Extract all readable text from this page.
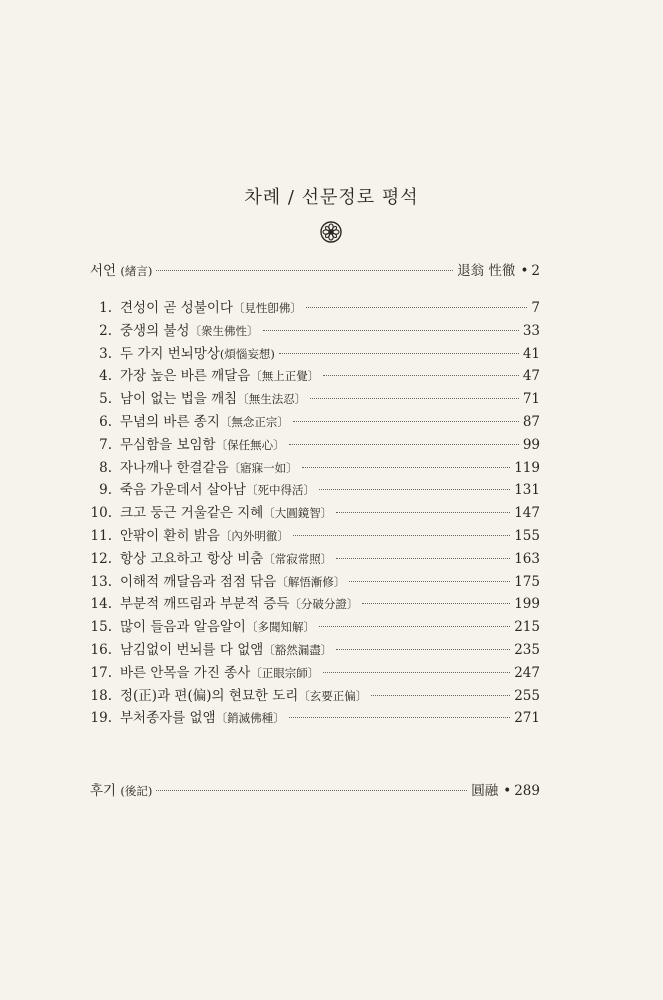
차례 / 선문정로 평석
서언 (緖言)	退翁 性徹 • 2
1. 견성이 곧 성불이다〔見性卽佛〕	7
2. 중생의 불성〔衆生佛性〕	33
3. 두 가지 번뇌망상(煩惱妄想)	41
4. 가장 높은 바른 깨달음〔無上正覺〕	47
5. 남이 없는 법을 깨침〔無生法忍〕	71
6. 무념의 바른 종지〔無念正宗〕	87
7. 무심함을 보임함〔保任無心〕	99
8. 자나깨나 한결같음〔寤寐一如〕	119
9. 죽음 가운데서 살아남〔死中得活〕	131
10. 크고 둥근 거울같은 지혜〔大圓鏡智〕	147
11. 안팎이 환히 밝음〔內外明徹〕	155
12. 항상 고요하고 항상 비춤〔常寂常照〕	163
13. 이해적 깨달음과 점점 닦음〔解悟漸修〕	175
14. 부분적 깨뜨림과 부분적 증득〔分破分證〕	199
15. 많이 들음과 알음알이〔多聞知解〕	215
16. 남김없이 번뇌를 다 없앰〔豁然漏盡〕	235
17. 바른 안목을 가진 종사〔正眼宗師〕	247
18. 정(正)과 편(偏)의 현묘한 도리〔玄要正偏〕	255
19. 부처종자를 없앰〔銷滅佛種〕	271
후기 (後記)	圓融 • 289
